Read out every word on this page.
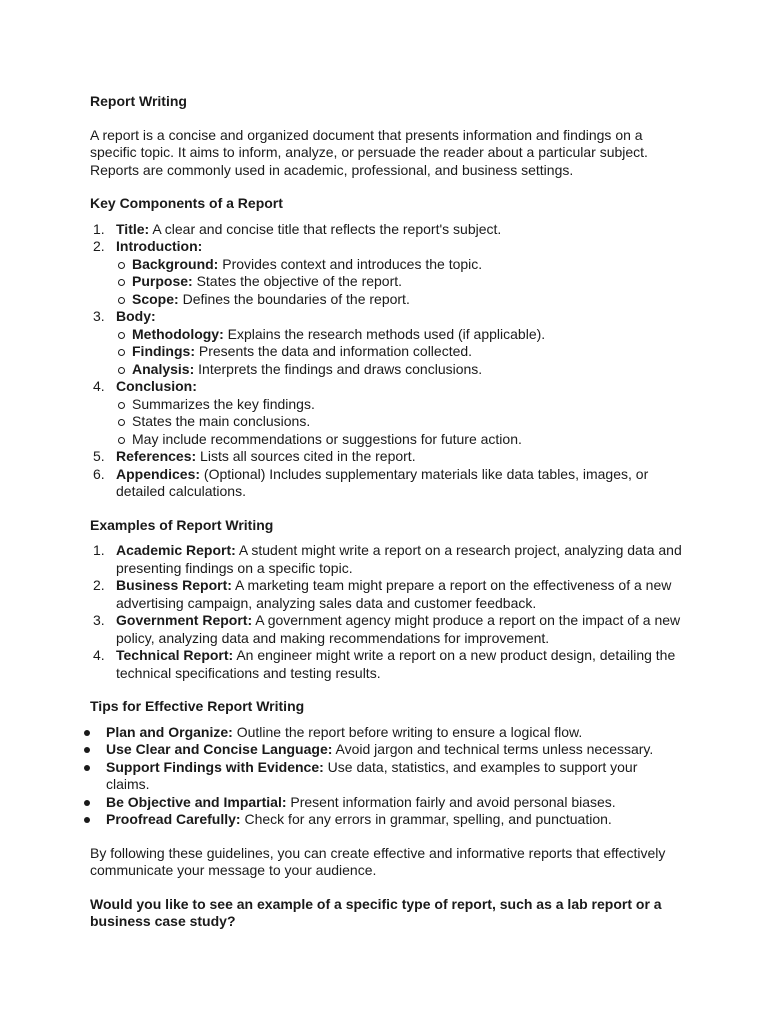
Report Writing

A report is a concise and organized document that presents information and findings on a specific topic. It aims to inform, analyze, or persuade the reader about a particular subject. Reports are commonly used in academic, professional, and business settings.

Key Components of a Report
1. Title: A clear and concise title that reflects the report's subject.
2. Introduction:
Background: Provides context and introduces the topic.
Purpose: States the objective of the report.
Scope: Defines the boundaries of the report.
3. Body:
Methodology: Explains the research methods used (if applicable).
Findings: Presents the data and information collected.
Analysis: Interprets the findings and draws conclusions.
4. Conclusion:
Summarizes the key findings.
States the main conclusions.
May include recommendations or suggestions for future action.
5. References: Lists all sources cited in the report.
6. Appendices: (Optional) Includes supplementary materials like data tables, images, or detailed calculations.
Examples of Report Writing
1. Academic Report: A student might write a report on a research project, analyzing data and presenting findings on a specific topic.
2. Business Report: A marketing team might prepare a report on the effectiveness of a new advertising campaign, analyzing sales data and customer feedback.
3. Government Report: A government agency might produce a report on the impact of a new policy, analyzing data and making recommendations for improvement.
4. Technical Report: An engineer might write a report on a new product design, detailing the technical specifications and testing results.
Tips for Effective Report Writing
Plan and Organize: Outline the report before writing to ensure a logical flow.
Use Clear and Concise Language: Avoid jargon and technical terms unless necessary.
Support Findings with Evidence: Use data, statistics, and examples to support your claims.
Be Objective and Impartial: Present information fairly and avoid personal biases.
Proofread Carefully: Check for any errors in grammar, spelling, and punctuation.

By following these guidelines, you can create effective and informative reports that effectively communicate your message to your audience.

Would you like to see an example of a specific type of report, such as a lab report or a business case study?
